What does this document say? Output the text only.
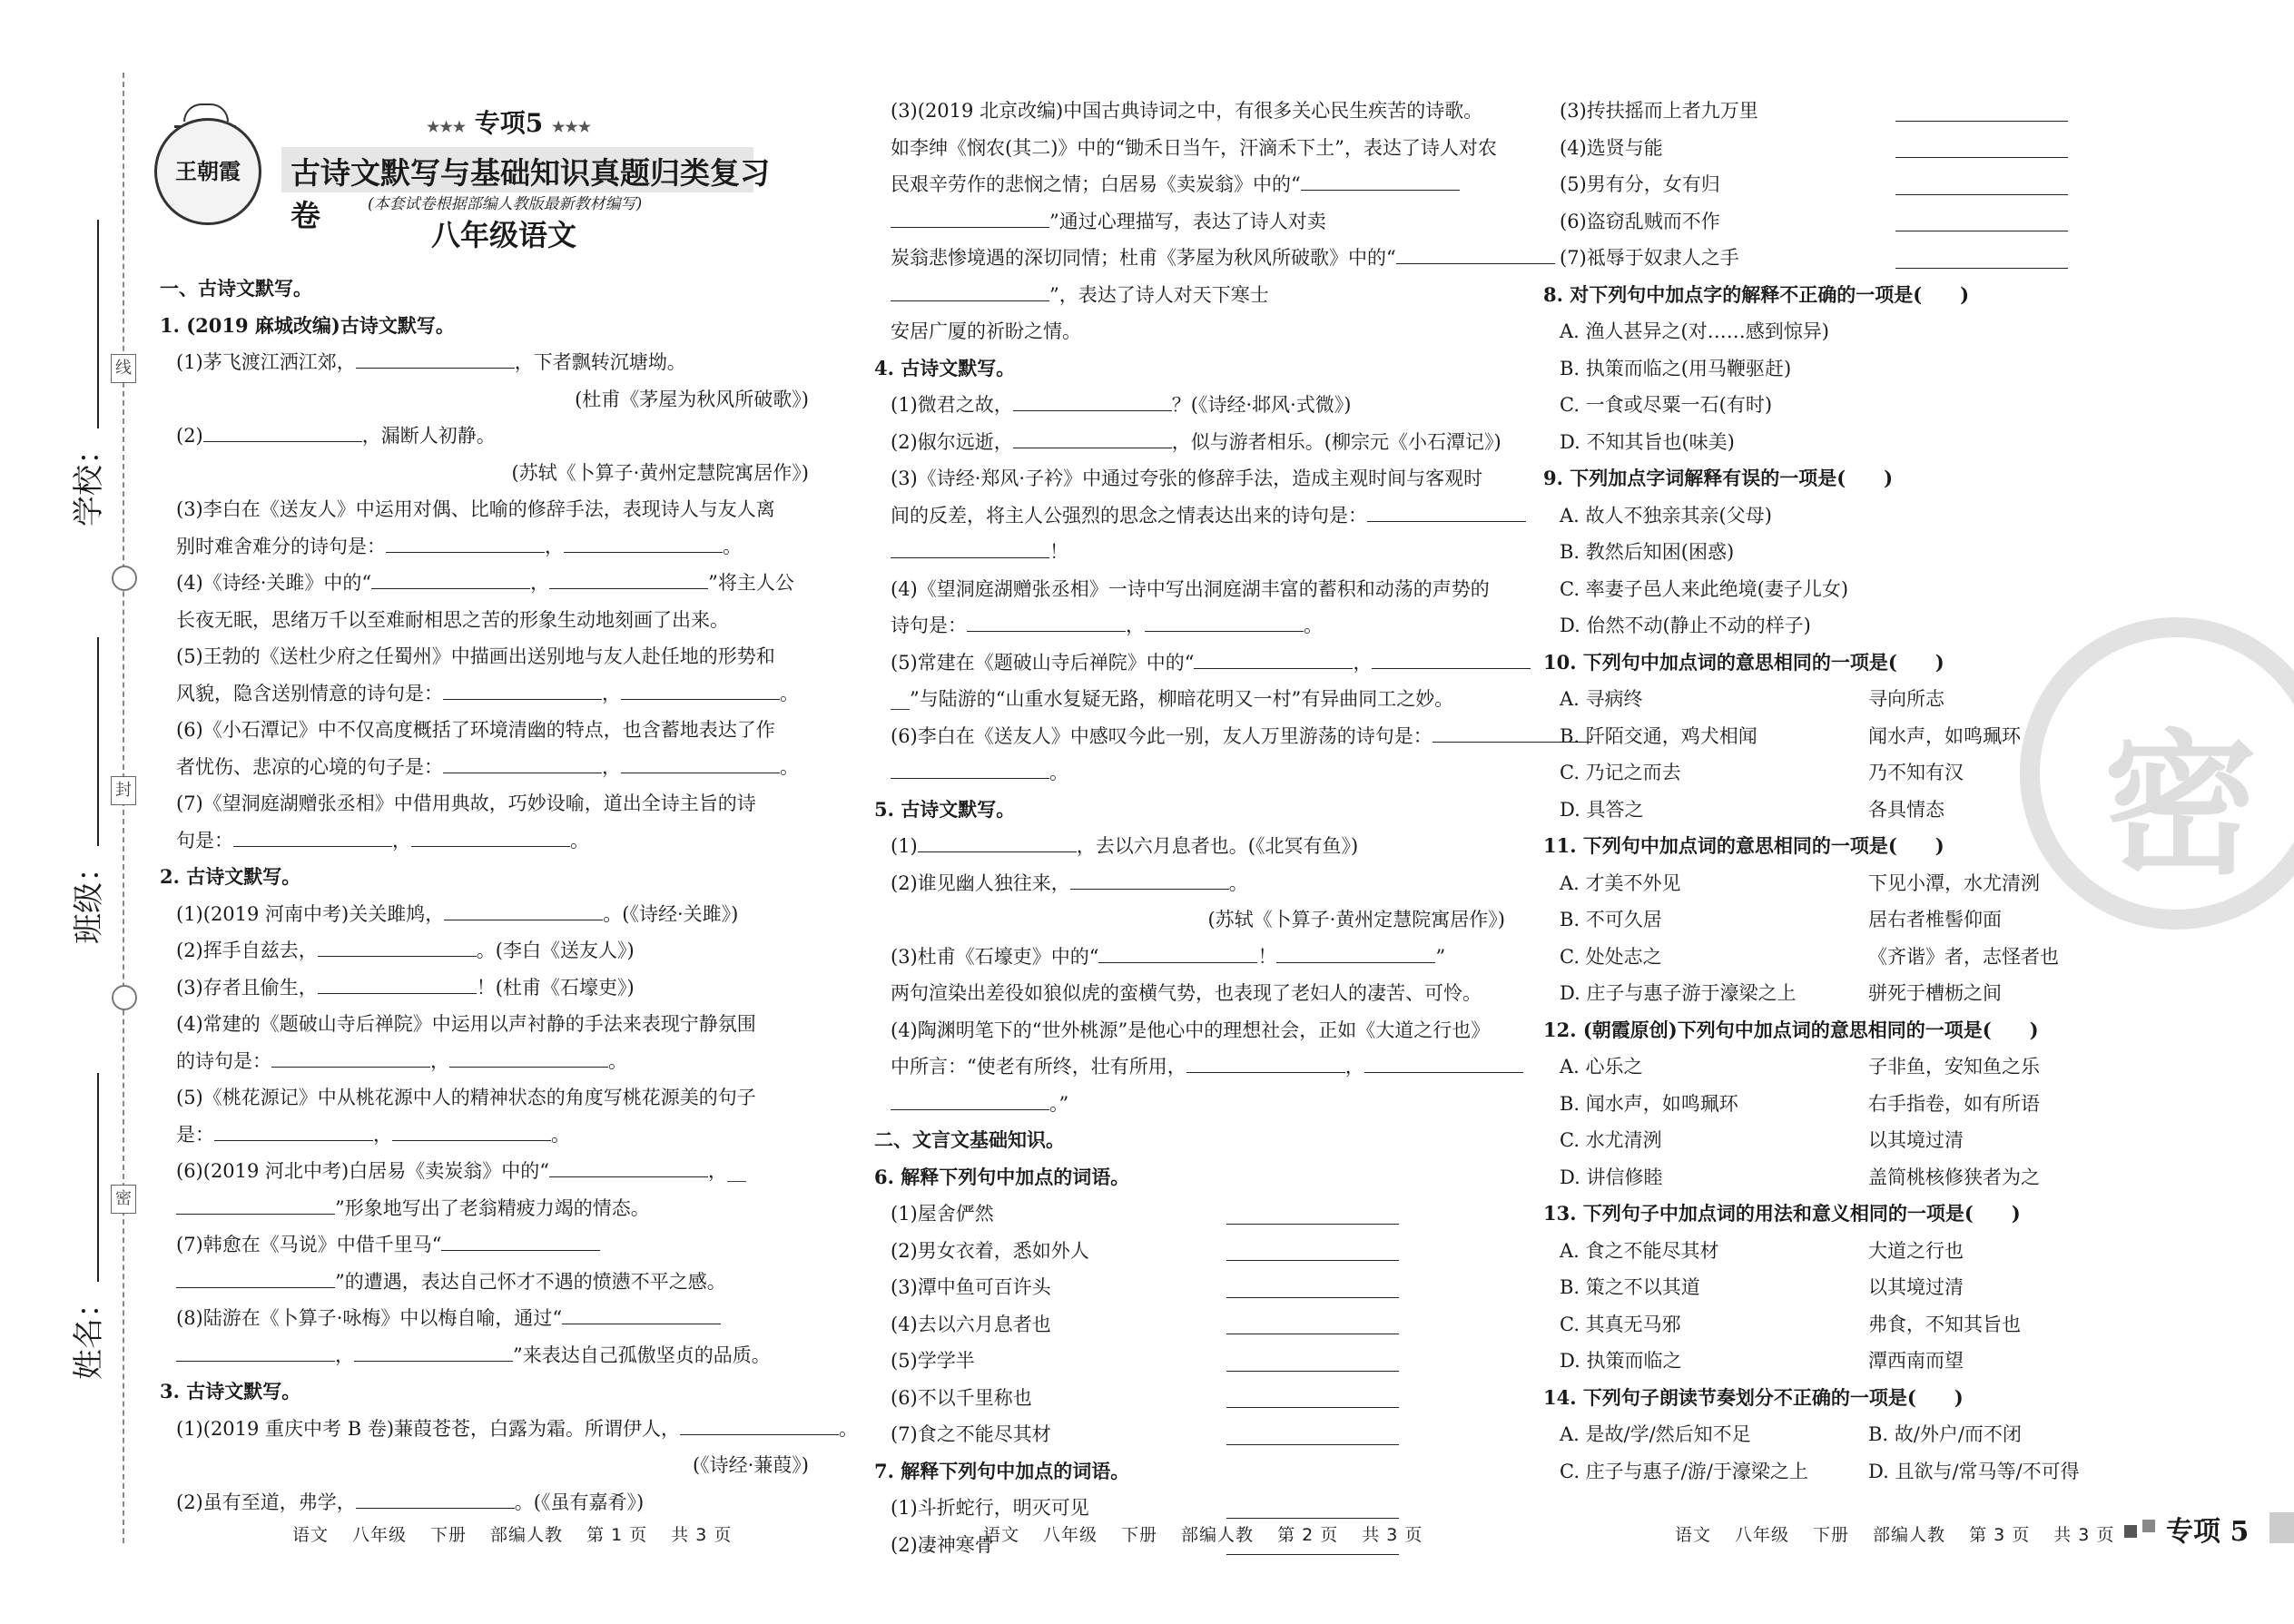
线
封
密
学校：
班级：
姓名：
王朝霞
★★★ 专项5 ★★★
古诗文默写与基础知识真题归类复习卷	(本套试卷根据部编人教版最新教材编写)
八年级语文

一、古诗文默写。

1. (2019 麻城改编)古诗文默写。

(1)茅飞渡江洒江郊，	，下者飘转沉塘坳。

(杜甫《茅屋为秋风所破歌》)

(2)	，漏断人初静。

(苏轼《卜算子·黄州定慧院寓居作》)

(3)李白在《送友人》中运用对偶、比喻的修辞手法，表现诗人与友人离

别时难舍难分的诗句是：	，	。

(4)《诗经·关雎》中的“	，	”将主人公

长夜无眠，思绪万千以至难耐相思之苦的形象生动地刻画了出来。

(5)王勃的《送杜少府之任蜀州》中描画出送别地与友人赴任地的形势和

风貌，隐含送别情意的诗句是：	，	。

(6)《小石潭记》中不仅高度概括了环境清幽的特点，也含蓄地表达了作

者忧伤、悲凉的心境的句子是：	，	。

(7)《望洞庭湖赠张丞相》中借用典故，巧妙设喻，道出全诗主旨的诗

句是：	，	。

2. 古诗文默写。

(1)(2019 河南中考)关关雎鸠，	。(《诗经·关雎》)

(2)挥手自兹去，	。(李白《送友人》)

(3)存者且偷生，	！(杜甫《石壕吏》)

(4)常建的《题破山寺后禅院》中运用以声衬静的手法来表现宁静氛围

的诗句是：	，	。

(5)《桃花源记》中从桃花源中人的精神状态的角度写桃花源美的句子

是：	，	。

(6)(2019 河北中考)白居易《卖炭翁》中的“	，__

”形象地写出了老翁精疲力竭的情态。

(7)韩愈在《马说》中借千里马“

”的遭遇，表达自己怀才不遇的愤懑不平之感。

(8)陆游在《卜算子·咏梅》中以梅自喻，通过“

，	”来表达自己孤傲坚贞的品质。

3. 古诗文默写。

(1)(2019 重庆中考 B 卷)蒹葭苍苍，白露为霜。所谓伊人，	。

(《诗经·蒹葭》)

(2)虽有至道，弗学，	。(《虽有嘉肴》)

(3)(2019 北京改编)中国古典诗词之中，有很多关心民生疾苦的诗歌。

如李绅《悯农(其二)》中的“锄禾日当午，汗滴禾下土”，表达了诗人对农

民艰辛劳作的悲悯之情；白居易《卖炭翁》中的“

”通过心理描写，表达了诗人对卖

炭翁悲惨境遇的深切同情；杜甫《茅屋为秋风所破歌》中的“

”，表达了诗人对天下寒士

安居广厦的祈盼之情。

4. 古诗文默写。

(1)微君之故，	？(《诗经·邶风·式微》)

(2)俶尔远逝，	，似与游者相乐。(柳宗元《小石潭记》)

(3)《诗经·郑风·子衿》中通过夸张的修辞手法，造成主观时间与客观时

间的反差，将主人公强烈的思念之情表达出来的诗句是：

！

(4)《望洞庭湖赠张丞相》一诗中写出洞庭湖丰富的蓄积和动荡的声势的

诗句是：	，	。

(5)常建在《题破山寺后禅院》中的“	，

__”与陆游的“山重水复疑无路，柳暗花明又一村”有异曲同工之妙。

(6)李白在《送友人》中感叹今此一别，友人万里游荡的诗句是：

。

5. 古诗文默写。

(1)	，去以六月息者也。(《北冥有鱼》)

(2)谁见幽人独往来，	。

(苏轼《卜算子·黄州定慧院寓居作》)

(3)杜甫《石壕吏》中的“	！	”

两句渲染出差役如狼似虎的蛮横气势，也表现了老妇人的凄苦、可怜。

(4)陶渊明笔下的“世外桃源”是他心中的理想社会，正如《大道之行也》

中所言：“使老有所终，壮有所用，	，

。”

二、文言文基础知识。

6. 解释下列句中加点的词语。

(1)屋舍俨然

(2)男女衣着，悉如外人

(3)潭中鱼可百许头

(4)去以六月息者也

(5)学学半

(6)不以千里称也

(7)食之不能尽其材

7. 解释下列句中加点的词语。

(1)斗折蛇行，明灭可见

(2)凄神寒骨

(3)抟扶摇而上者九万里

(4)选贤与能

(5)男有分，女有归

(6)盗窃乱贼而不作

(7)祗辱于奴隶人之手

8. 对下列句中加点字的解释不正确的一项是(　　)

A. 渔人甚异之(对……感到惊异)

B. 执策而临之(用马鞭驱赶)

C. 一食或尽粟一石(有时)

D. 不知其旨也(味美)

9. 下列加点字词解释有误的一项是(　　)

A. 故人不独亲其亲(父母)

B. 教然后知困(困惑)

C. 率妻子邑人来此绝境(妻子儿女)

D. 佁然不动(静止不动的样子)

10. 下列句中加点词的意思相同的一项是(　　)

A. 寻病终	寻向所志

B. 阡陌交通，鸡犬相闻	闻水声，如鸣珮环

C. 乃记之而去	乃不知有汉

D. 具答之	各具情态

11. 下列句中加点词的意思相同的一项是(　　)

A. 才美不外见	下见小潭，水尤清洌

B. 不可久居	居右者椎髻仰面

C. 处处志之	《齐谐》者，志怪者也

D. 庄子与惠子游于濠梁之上	骈死于槽枥之间

12. (朝霞原创)下列句中加点词的意思相同的一项是(　　)

A. 心乐之	子非鱼，安知鱼之乐

B. 闻水声，如鸣珮环	右手指卷，如有所语

C. 水尤清洌	以其境过清

D. 讲信修睦	盖简桃核修狭者为之

13. 下列句子中加点词的用法和意义相同的一项是(　　)

A. 食之不能尽其材	大道之行也

B. 策之不以其道	以其境过清

C. 其真无马邪	弗食，不知其旨也

D. 执策而临之	潭西南而望

14. 下列句子朗读节奏划分不正确的一项是(　　)

A. 是故/学/然后知不足	B. 故/外户/而不闭

C. 庄子与惠子/游/于濠梁之上	D. 且欲与/常马等/不可得

密
语文 八年级 下册 部编人教 第 1 页 共 3 页	语文 八年级 下册 部编人教 第 2 页 共 3 页	语文 八年级 下册 部编人教 第 3 页 共 3 页	专项 5
